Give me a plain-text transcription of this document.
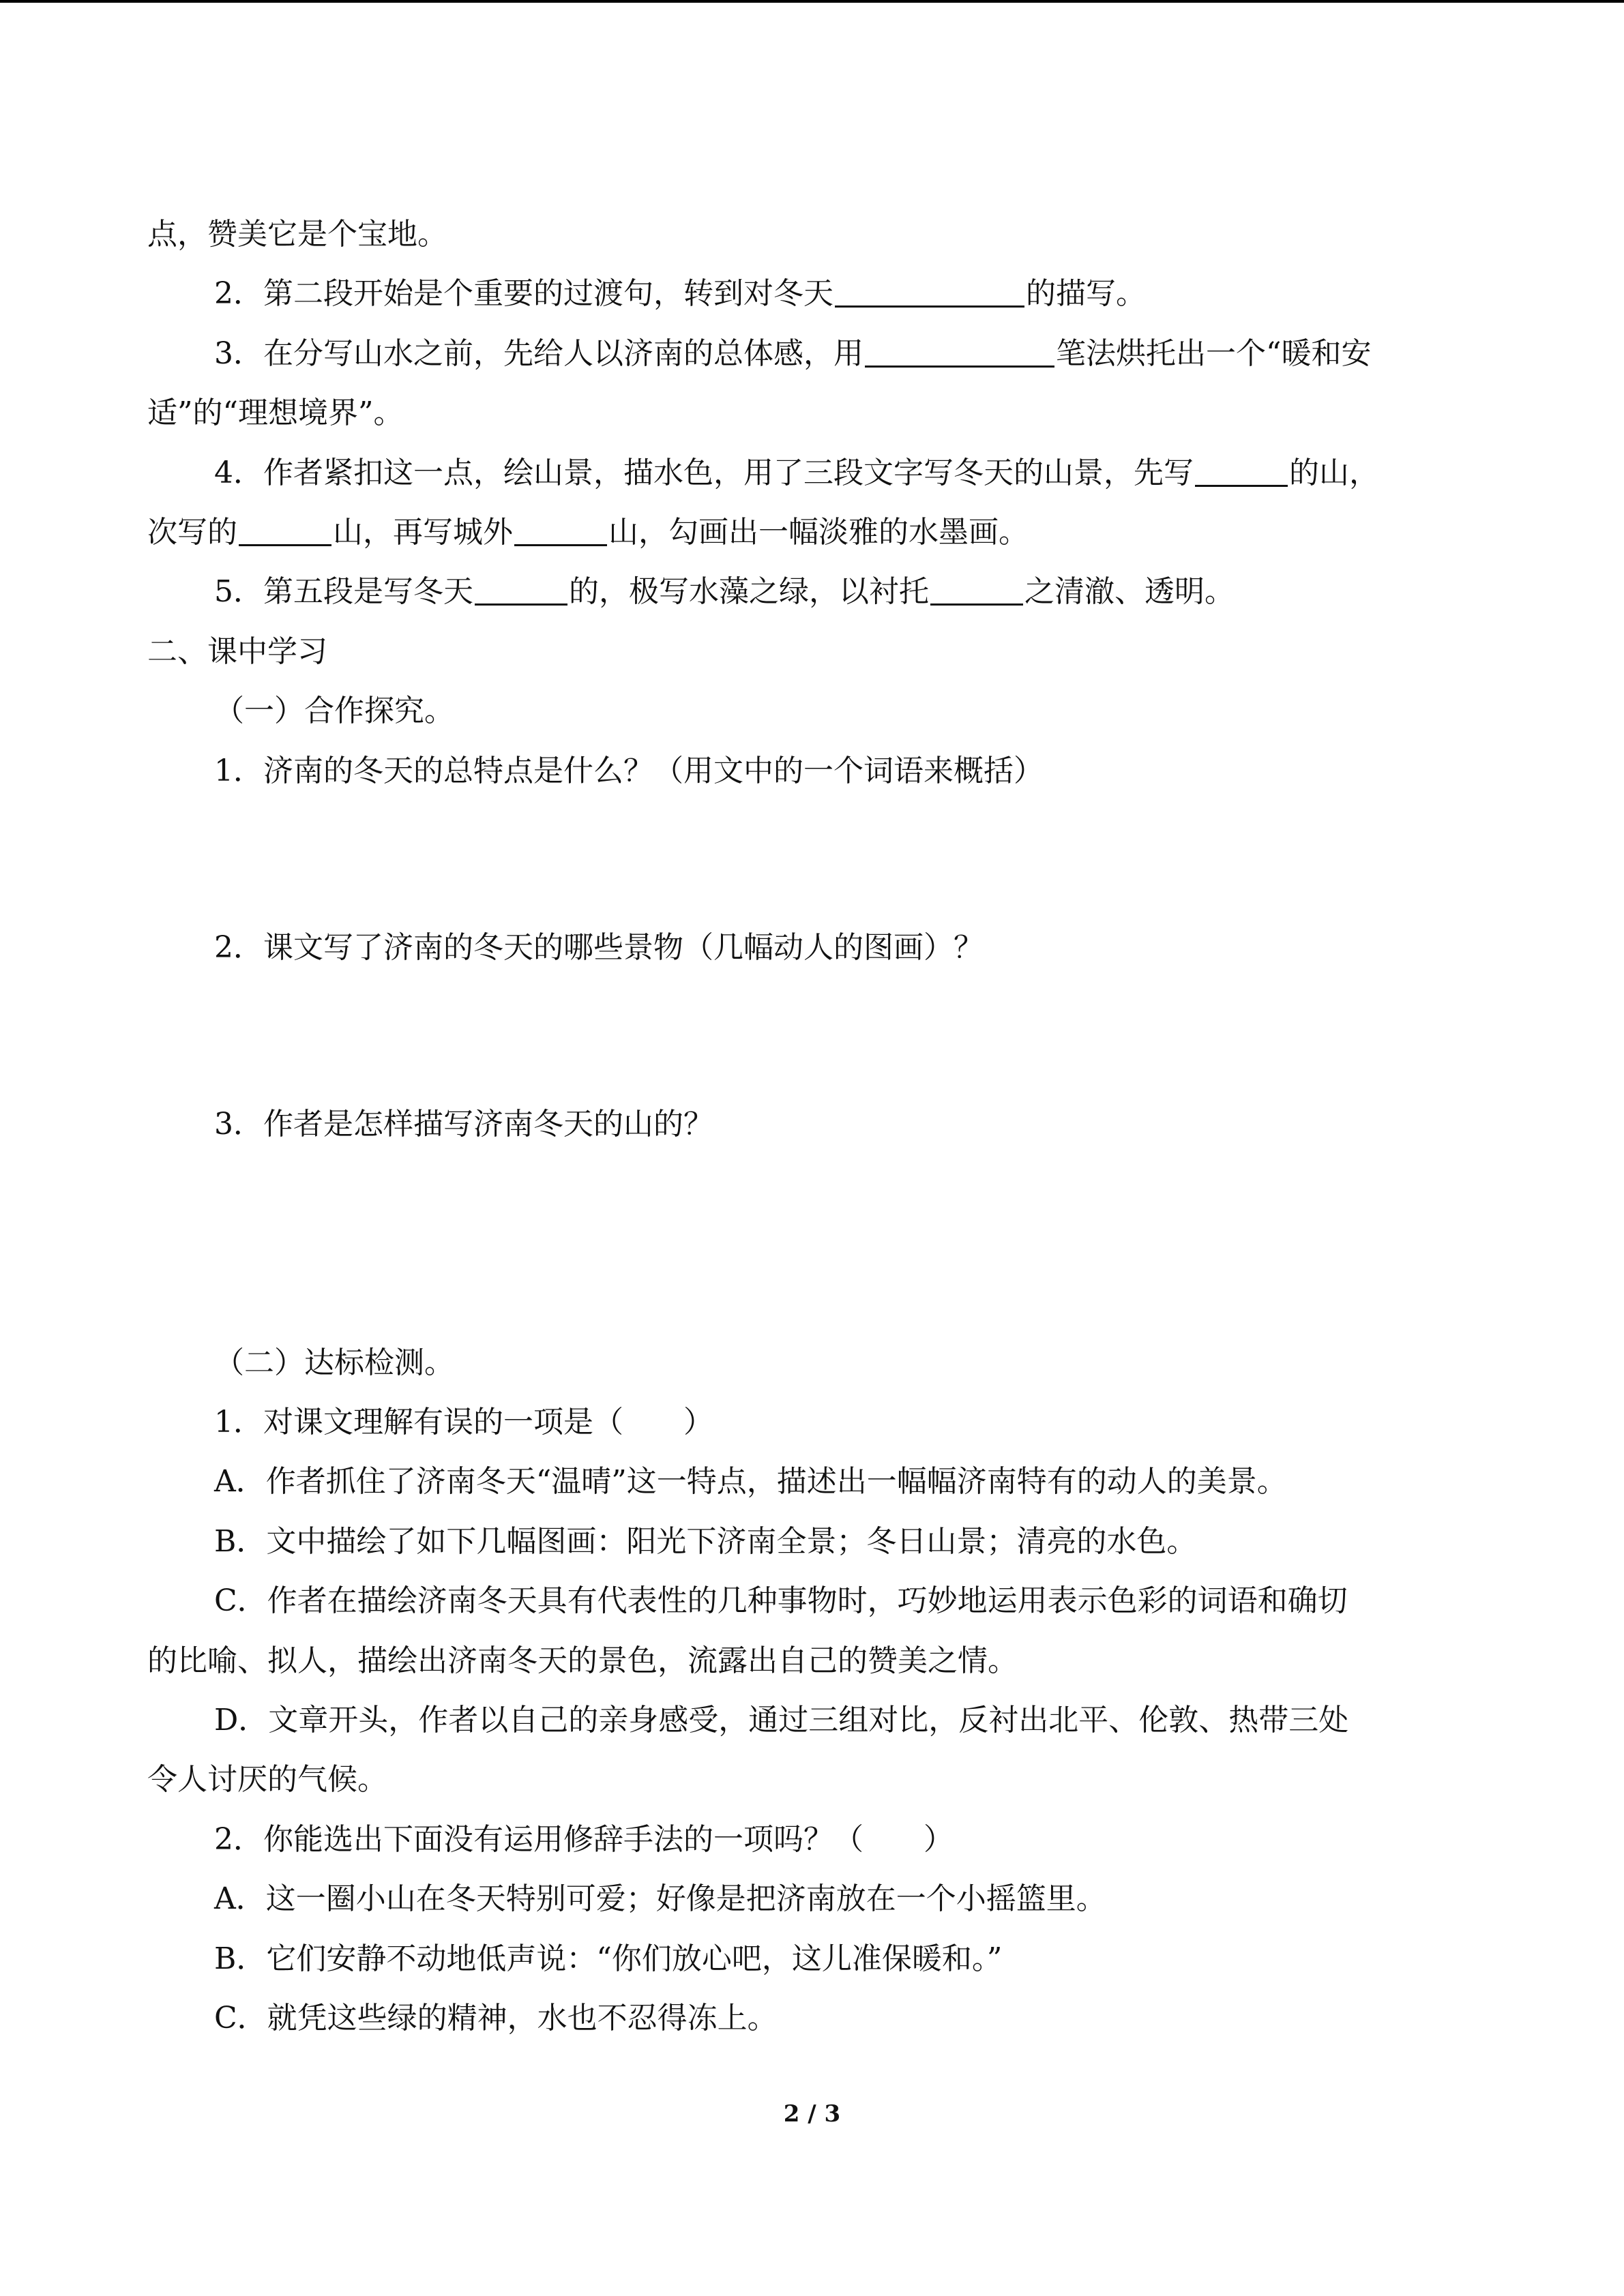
点，赞美它是个宝地。
2．第二段开始是个重要的过渡句，转到对冬天	的描写。
3．在分写山水之前，先给人以济南的总体感，用	笔法烘托出一个“暖和安
适”的“理想境界”。
4．作者紧扣这一点，绘山景，描水色，用了三段文字写冬天的山景，先写	的山，
次写的	山，再写城外	山，勾画出一幅淡雅的水墨画。
5．第五段是写冬天	的，极写水藻之绿，以衬托	之清澈、透明。
二、课中学习
（一）合作探究。
1．济南的冬天的总特点是什么？（用文中的一个词语来概括）
2．课文写了济南的冬天的哪些景物（几幅动人的图画）？
3．作者是怎样描写济南冬天的山的？
（二）达标检测。
1．对课文理解有误的一项是（　　）
A．作者抓住了济南冬天“温晴”这一特点，描述出一幅幅济南特有的动人的美景。
B．文中描绘了如下几幅图画：阳光下济南全景；冬日山景；清亮的水色。
C．作者在描绘济南冬天具有代表性的几种事物时，巧妙地运用表示色彩的词语和确切
的比喻、拟人，描绘出济南冬天的景色，流露出自己的赞美之情。
D．文章开头，作者以自己的亲身感受，通过三组对比，反衬出北平、伦敦、热带三处
令人讨厌的气候。
2．你能选出下面没有运用修辞手法的一项吗？（　　）
A．这一圈小山在冬天特别可爱；好像是把济南放在一个小摇篮里。
B．它们安静不动地低声说：“你们放心吧，这儿准保暖和。”
C．就凭这些绿的精神，水也不忍得冻上。
2 / 3
